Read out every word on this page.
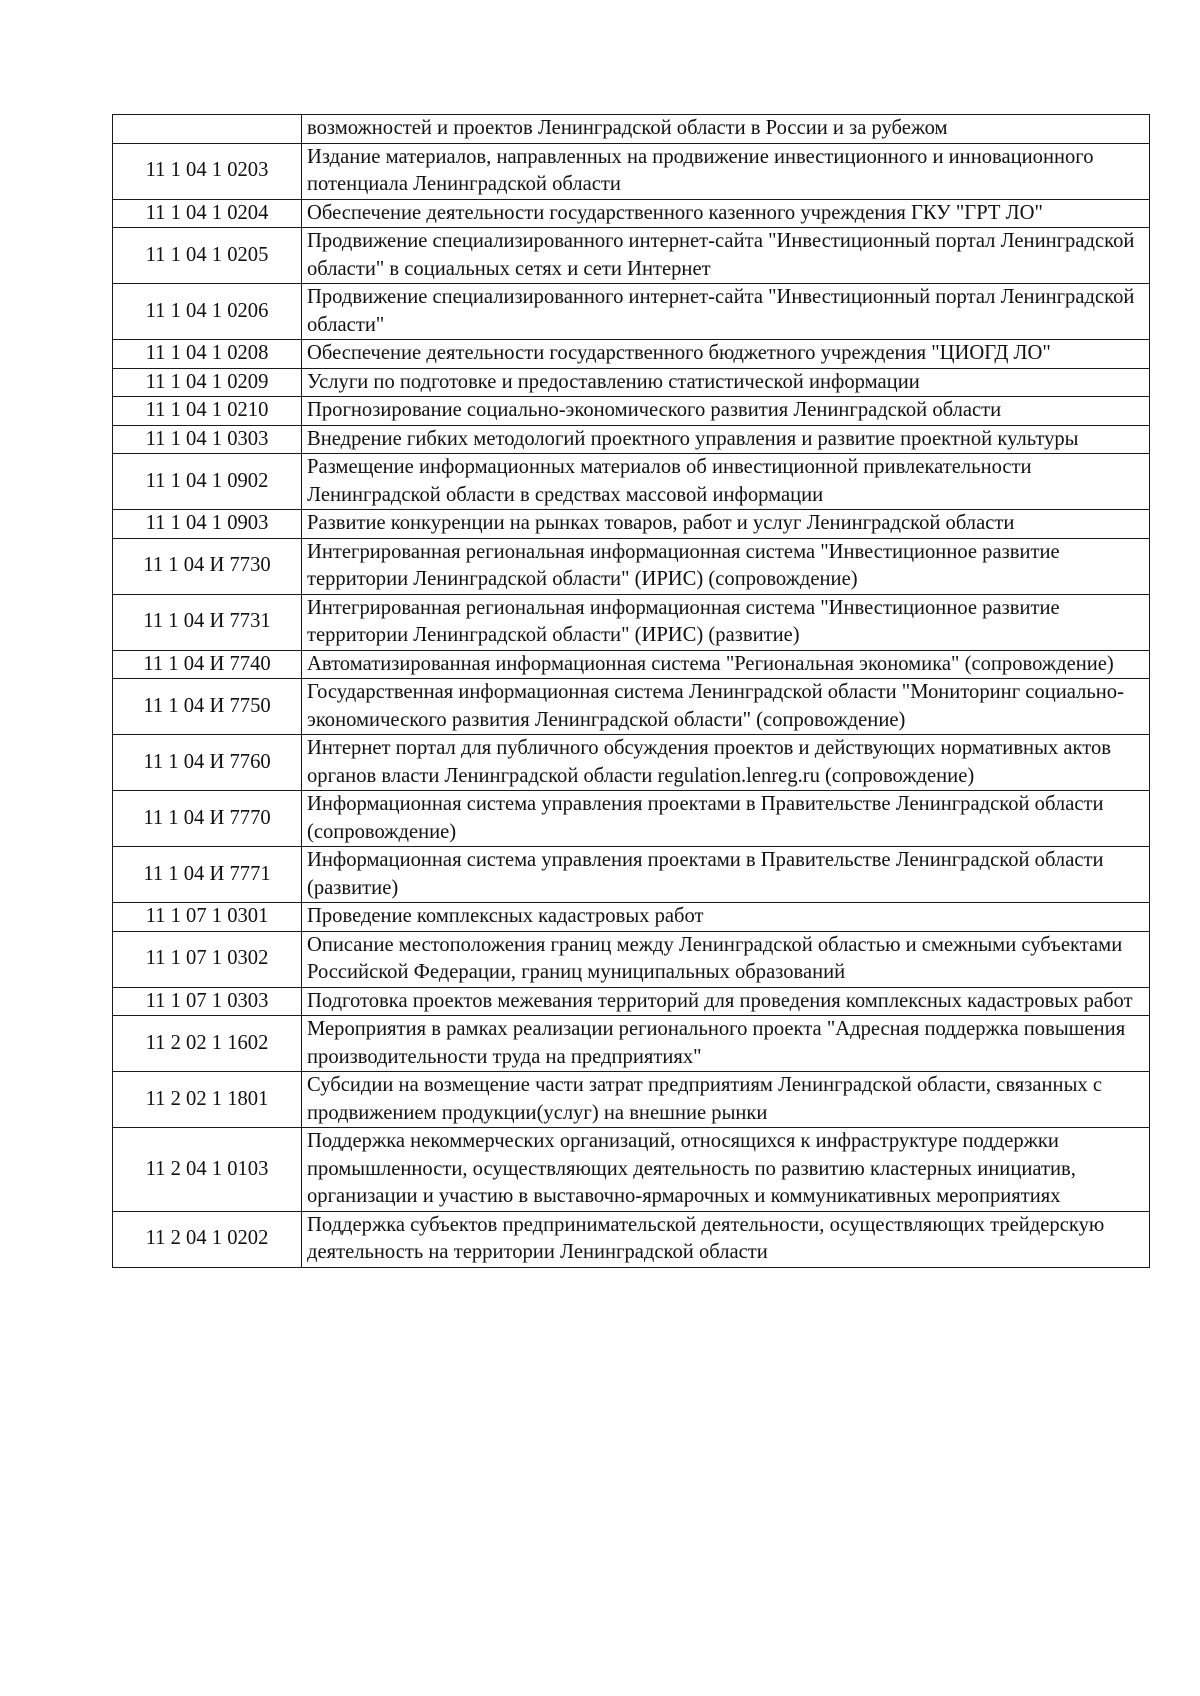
	возможностей и проектов Ленинградской области в России и за рубежом
11 1 04 1 0203	Издание материалов, направленных на продвижение инвестиционного и инновационного потенциала Ленинградской области
11 1 04 1 0204	Обеспечение деятельности государственного казенного учреждения ГКУ "ГРТ ЛО"
11 1 04 1 0205	Продвижение специализированного интернет-сайта "Инвестиционный портал Ленинградской области" в социальных сетях и сети Интернет
11 1 04 1 0206	Продвижение специализированного интернет-сайта "Инвестиционный портал Ленинградской области"
11 1 04 1 0208	Обеспечение деятельности государственного бюджетного учреждения "ЦИОГД ЛО"
11 1 04 1 0209	Услуги по подготовке и предоставлению статистической информации
11 1 04 1 0210	Прогнозирование социально-экономического развития Ленинградской области
11 1 04 1 0303	Внедрение гибких методологий проектного управления и развитие проектной культуры
11 1 04 1 0902	Размещение информационных материалов об инвестиционной привлекательности Ленинградской области в средствах массовой информации
11 1 04 1 0903	Развитие конкуренции на рынках товаров, работ и услуг Ленинградской области
11 1 04 И 7730	Интегрированная региональная информационная система "Инвестиционное развитие территории Ленинградской области" (ИРИС) (сопровождение)
11 1 04 И 7731	Интегрированная региональная информационная система "Инвестиционное развитие территории Ленинградской области" (ИРИС) (развитие)
11 1 04 И 7740	Автоматизированная информационная система "Региональная экономика" (сопровождение)
11 1 04 И 7750	Государственная информационная система Ленинградской области "Мониторинг социально-экономического развития Ленинградской области" (сопровождение)
11 1 04 И 7760	Интернет портал для публичного обсуждения проектов и действующих нормативных актов органов власти Ленинградской области regulation.lenreg.ru (сопровождение)
11 1 04 И 7770	Информационная система управления проектами в Правительстве Ленинградской области (сопровождение)
11 1 04 И 7771	Информационная система управления проектами в Правительстве Ленинградской области (развитие)
11 1 07 1 0301	Проведение комплексных кадастровых работ
11 1 07 1 0302	Описание местоположения границ между Ленинградской областью и смежными субъектами Российской Федерации, границ муниципальных образований
11 1 07 1 0303	Подготовка проектов межевания территорий для проведения комплексных кадастровых работ
11 2 02 1 1602	Мероприятия в рамках реализации регионального проекта "Адресная поддержка повышения производительности труда на предприятиях"
11 2 02 1 1801	Субсидии на возмещение части затрат предприятиям Ленинградской области, связанных с продвижением продукции(услуг) на внешние рынки
11 2 04 1 0103	Поддержка некоммерческих организаций, относящихся к инфраструктуре поддержки промышленности, осуществляющих деятельность по развитию кластерных инициатив, организации и участию в выставочно-ярмарочных и коммуникативных мероприятиях
11 2 04 1 0202	Поддержка субъектов предпринимательской деятельности, осуществляющих трейдерскую деятельность на территории Ленинградской области
